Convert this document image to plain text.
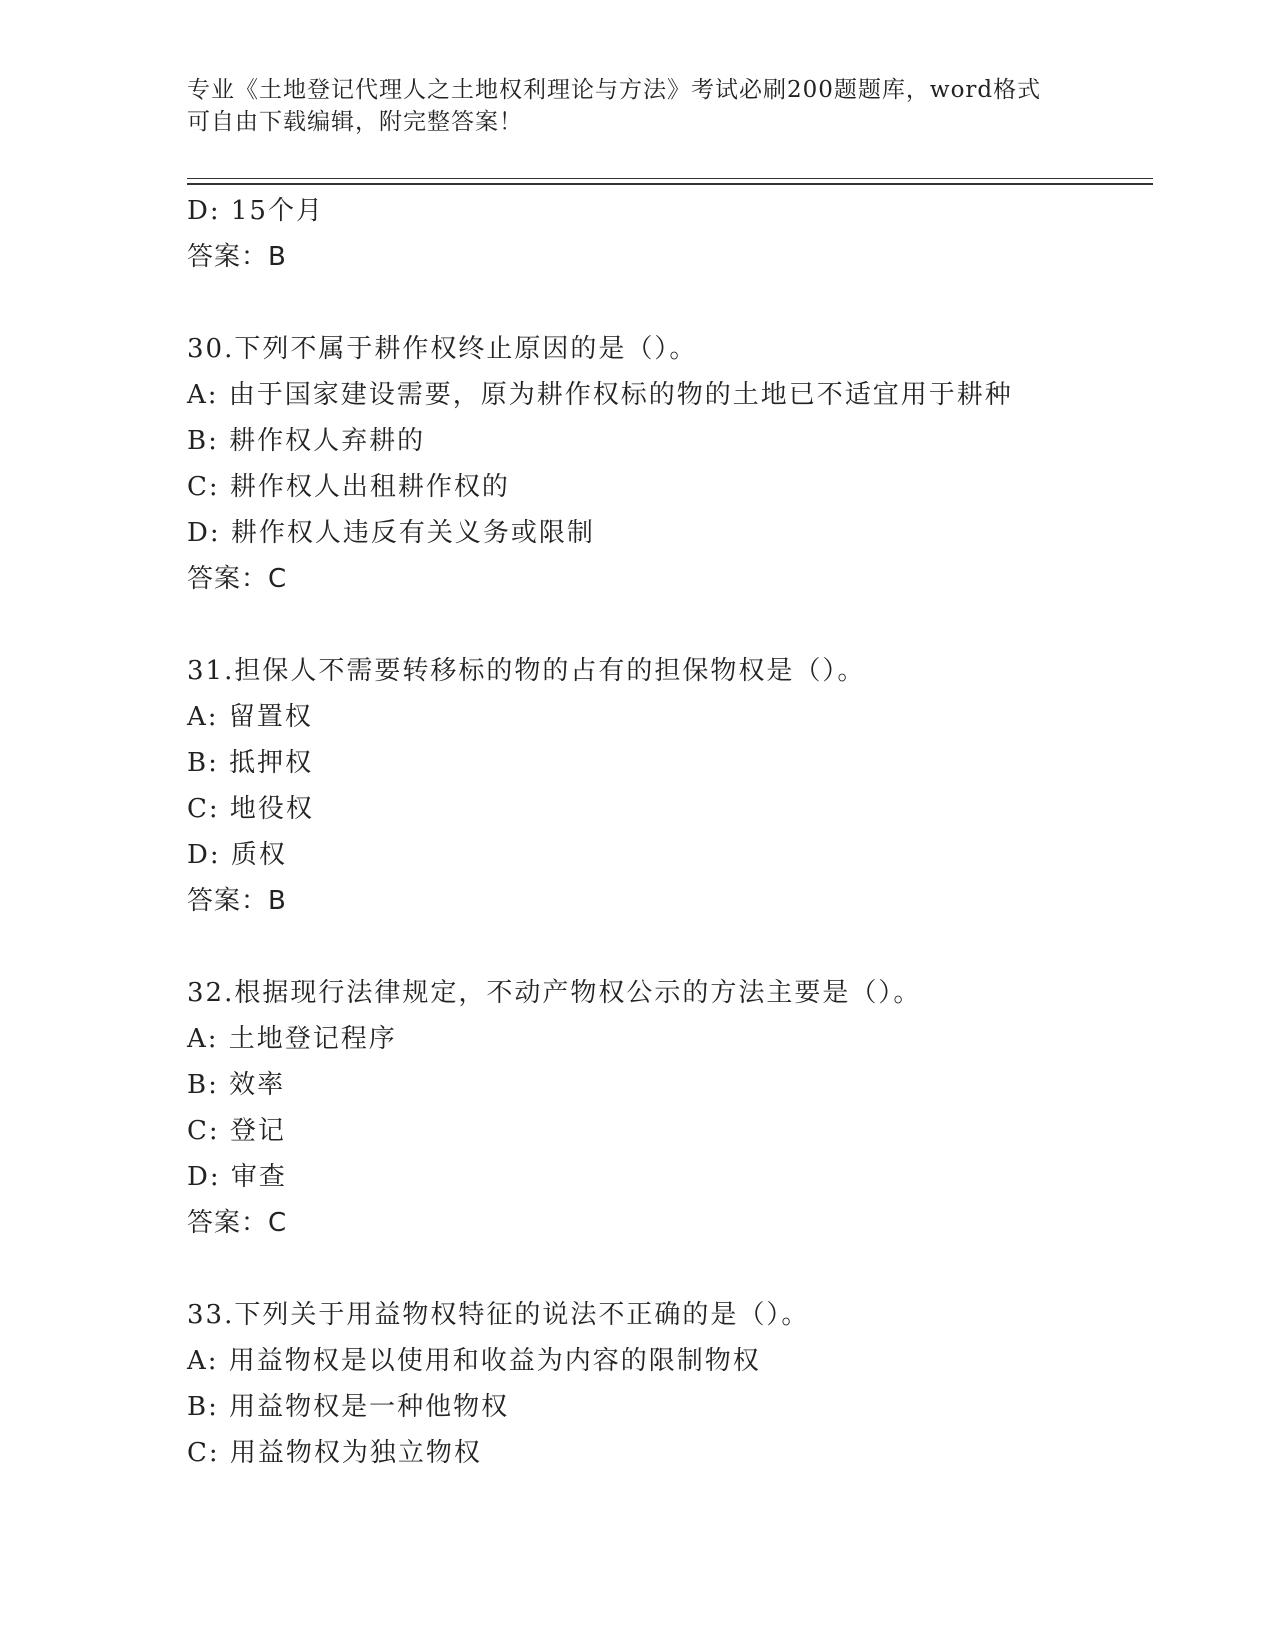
专业《土地登记代理人之土地权利理论与方法》考试必刷200题题库，word格式
可自由下载编辑，附完整答案！
D: 15个月
答案：B
30.下列不属于耕作权终止原因的是（）。
A: 由于国家建设需要，原为耕作权标的物的土地已不适宜用于耕种
B: 耕作权人弃耕的
C: 耕作权人出租耕作权的
D: 耕作权人违反有关义务或限制
答案：C
31.担保人不需要转移标的物的占有的担保物权是（）。
A: 留置权
B: 抵押权
C: 地役权
D: 质权
答案：B
32.根据现行法律规定，不动产物权公示的方法主要是（）。
A: 土地登记程序
B: 效率
C: 登记
D: 审查
答案：C
33.下列关于用益物权特征的说法不正确的是（）。
A: 用益物权是以使用和收益为内容的限制物权
B: 用益物权是一种他物权
C: 用益物权为独立物权
